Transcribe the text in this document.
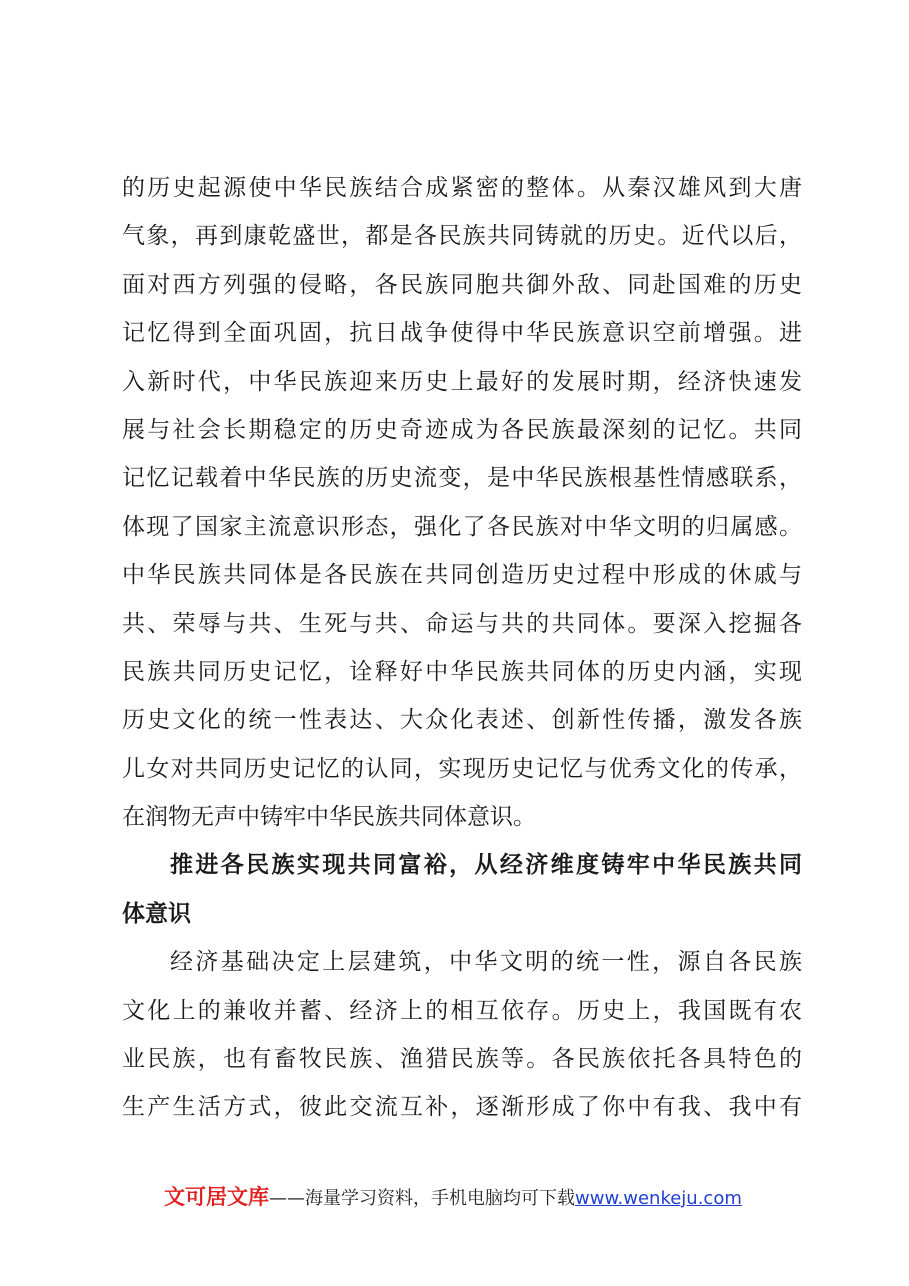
的历史起源使中华民族结合成紧密的整体。从秦汉雄风到大唐
气象，再到康乾盛世，都是各民族共同铸就的历史。近代以后，
面对西方列强的侵略，各民族同胞共御外敌、同赴国难的历史
记忆得到全面巩固，抗日战争使得中华民族意识空前增强。进
入新时代，中华民族迎来历史上最好的发展时期，经济快速发
展与社会长期稳定的历史奇迹成为各民族最深刻的记忆。共同
记忆记载着中华民族的历史流变，是中华民族根基性情感联系，
体现了国家主流意识形态，强化了各民族对中华文明的归属感。
中华民族共同体是各民族在共同创造历史过程中形成的休戚与
共、荣辱与共、生死与共、命运与共的共同体。要深入挖掘各
民族共同历史记忆，诠释好中华民族共同体的历史内涵，实现
历史文化的统一性表达、大众化表述、创新性传播，激发各族
儿女对共同历史记忆的认同，实现历史记忆与优秀文化的传承，
在润物无声中铸牢中华民族共同体意识。
推进各民族实现共同富裕，从经济维度铸牢中华民族共同
体意识
经济基础决定上层建筑，中华文明的统一性，源自各民族
文化上的兼收并蓄、经济上的相互依存。历史上，我国既有农
业民族，也有畜牧民族、渔猎民族等。各民族依托各具特色的
生产生活方式，彼此交流互补，逐渐形成了你中有我、我中有
文可居文库——海量学习资料，手机电脑均可下载www.wenkeju.com
